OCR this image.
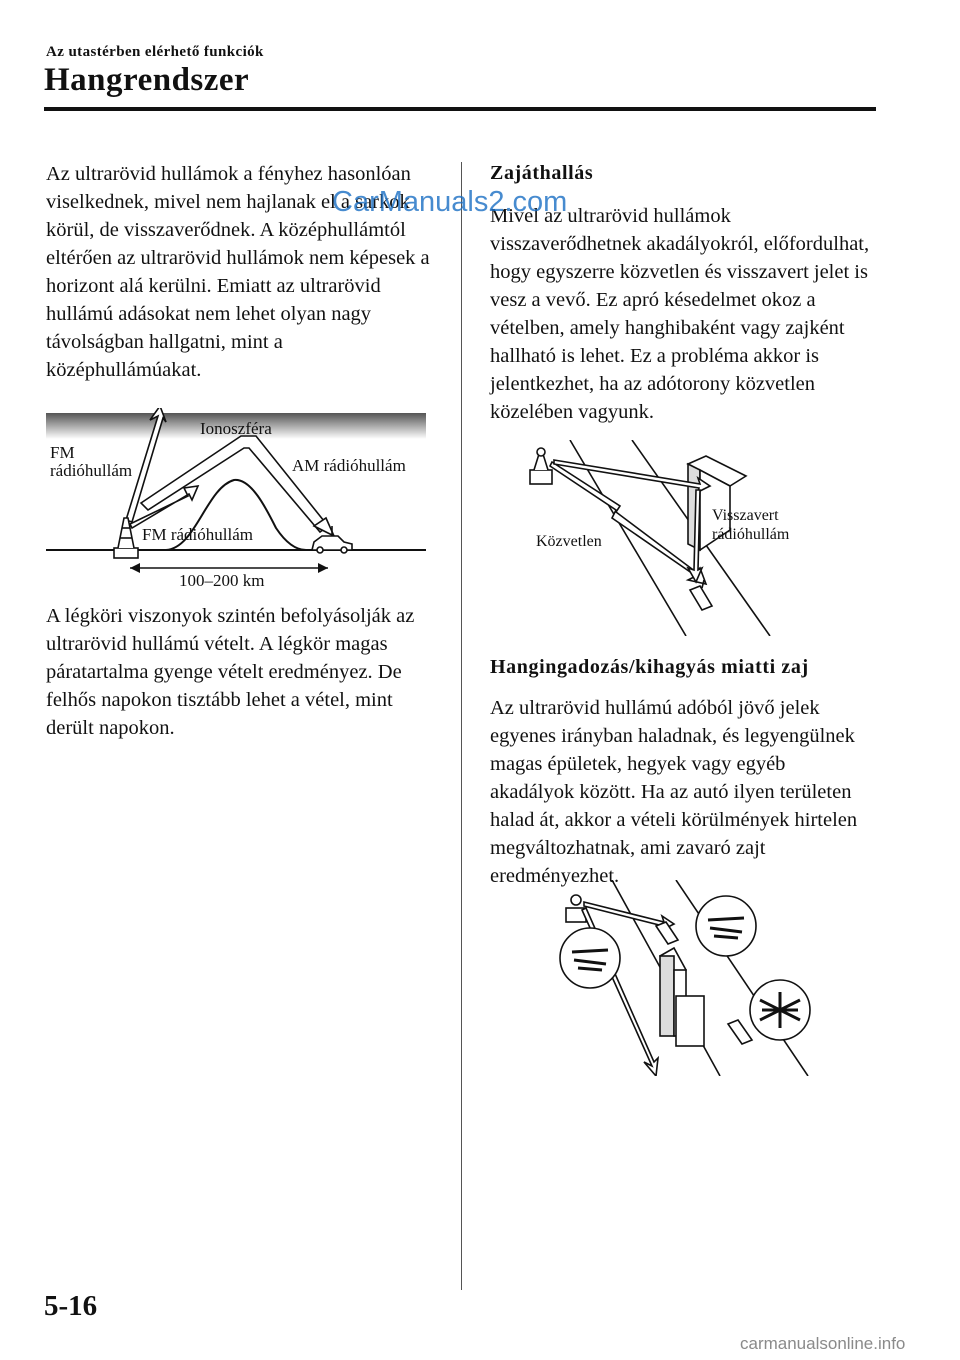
Az utastérben elérhető funkciók
Hangrendszer

Az ultrarövid hullámok a fényhez hasonlóan viselkednek, mivel nem hajlanak el a sarkok körül, de visszaverődnek. A középhullámtól eltérően az ultrarövid hullámok nem képesek a horizont alá kerülni. Emiatt az ultrarövid hullámú adásokat nem lehet olyan nagy távolságban hallgatni, mint a középhullámúakat.

Ionoszféra
FM
rádióhullám	AM rádióhullám
FM rádióhullám
100–200 km

A légköri viszonyok szintén befolyásolják az ultrarövid hullámú vételt. A légkör magas páratartalma gyenge vételt eredményez. De felhős napokon tisztább lehet a vétel, mint derült napokon.

Zajáthallás

Mivel az ultrarövid hullámok visszaverődhetnek akadályokról, előfordulhat, hogy egyszerre közvetlen és visszavert jelet is vesz a vevő. Ez apró késedelmet okoz a vételben, amely hanghibaként vagy zajként hallható is lehet. Ez a probléma akkor is jelentkezhet, ha az adótorony közvetlen közelében vagyunk.

Közvetlen
Visszavert
rádióhullám
Hangingadozás/kihagyás miatti zaj

Az ultrarövid hullámú adóból jövő jelek egyenes irányban haladnak, és legyengülnek magas épületek, hegyek vagy egyéb akadályok között. Ha az autó ilyen területen halad át, akkor a vételi körülmények hirtelen megváltozhatnak, ami zavaró zajt eredményezhet.

5-16
carmanualsonline.info
CarManuals2.com
